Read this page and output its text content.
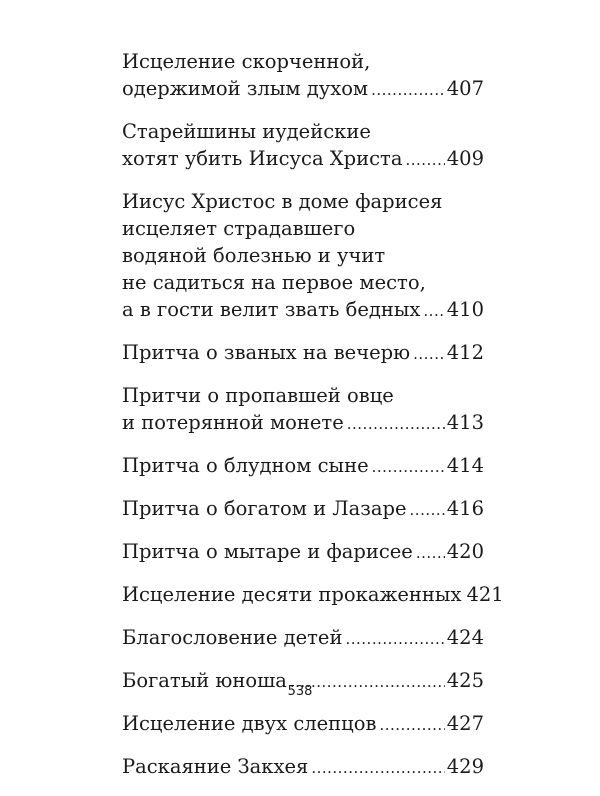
Исцеление скорченной,
одержимой злым духом .....	407
Старейшины иудейские
хотят убить Иисуса Христа ..... 409
Иисус Христос в доме фарисея
исцеляет страдавшего
водяной болезнью и учит
не садиться на первое место,
а в гости велит звать бедных ..... 410
Притча о званых на вечерю ..... 412
Притчи о пропавшей овце
и потерянной монете .....	413
Притча о блудном сыне .....	414
Притча о богатом и Лазаре ..... 416
Притча о мытаре и фарисее ..... 420
Исцеление десяти прокаженных 421
Благословение детей .....	424
Богатый юноша .....	425
Исцеление двух слепцов .....	427
Раскаяние Закхея .....	429
538
